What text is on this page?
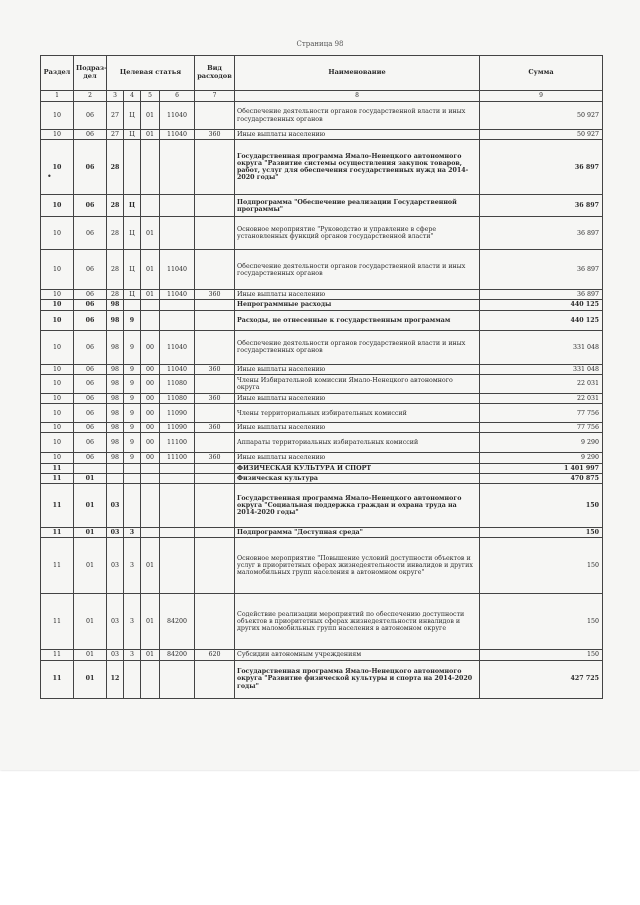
Страница 98
Раздел	Подраздел	Целевая статья				Вид расходов	Наименование	Сумма
1	2	3	4	5	6	7	8	9
10	06	27	Ц	01	11040		Обеспечение деятельности органов государственной власти и иных государственных органов	50 927
10	06	27	Ц	01	11040	360	Иные выплаты населению	50 927
10	06	28					Государственная программа Ямало-Ненецкого автономного округа "Развитие системы осуществления закупок товаров, работ, услуг для обеспечения государственных нужд на 2014-2020 годы"	36 897
10	06	28	Ц				Подпрограмма "Обеспечение реализации Государственной программы"	36 897
10	06	28	Ц	01			Основное мероприятие "Руководство и управление в сфере установленных функций органов государственной власти"	36 897
10	06	28	Ц	01	11040		Обеспечение деятельности органов государственной власти и иных государственных органов	36 897
10	06	28	Ц	01	11040	360	Иные выплаты населению	36 897
10	06	98					Непрограммные расходы	440 125
10	06	98	9				Расходы, не отнесенные к государственным программам	440 125
10	06	98	9	00	11040		Обеспечение деятельности органов государственной власти и иных государственных органов	331 048
10	06	98	9	00	11040	360	Иные выплаты населению	331 048
10	06	98	9	00	11080		Члены Избирательной комиссии Ямало-Ненецкого автономного округа	22 031
10	06	98	9	00	11080	360	Иные выплаты населению	22 031
10	06	98	9	00	11090		Члены территориальных избирательных комиссий	77 756
10	06	98	9	00	11090	360	Иные выплаты населению	77 756
10	06	98	9	00	11100		Аппараты территориальных избирательных комиссий	9 290
10	06	98	9	00	11100	360	Иные выплаты населению	9 290
11							ФИЗИЧЕСКАЯ КУЛЬТУРА И СПОРТ	1 401 997
11	01						Физическая культура	470 875
11	01	03					Государственная программа Ямало-Ненецкого автономного округа "Социальная поддержка граждан и охрана труда на 2014-2020 годы"	150
11	01	03	3				Подпрограмма "Доступная среда"	150
11	01	03	3	01			Основное мероприятие "Повышение условий доступности объектов и услуг в приоритетных сферах жизнедеятельности инвалидов и других маломобильных групп населения в автономном округе"	150
11	01	03	3	01	84200		Содействие реализации мероприятий по обеспечению доступности объектов в приоритетных сферах жизнедеятельности инвалидов и других маломобильных групп населения в автономном округе	150
11	01	03	3	01	84200	620	Субсидии автономным учреждениям	150
11	01	12					Государственная программа Ямало-Ненецкого автономного округа "Развитие физической культуры и спорта на 2014-2020 годы"	427 725
•
